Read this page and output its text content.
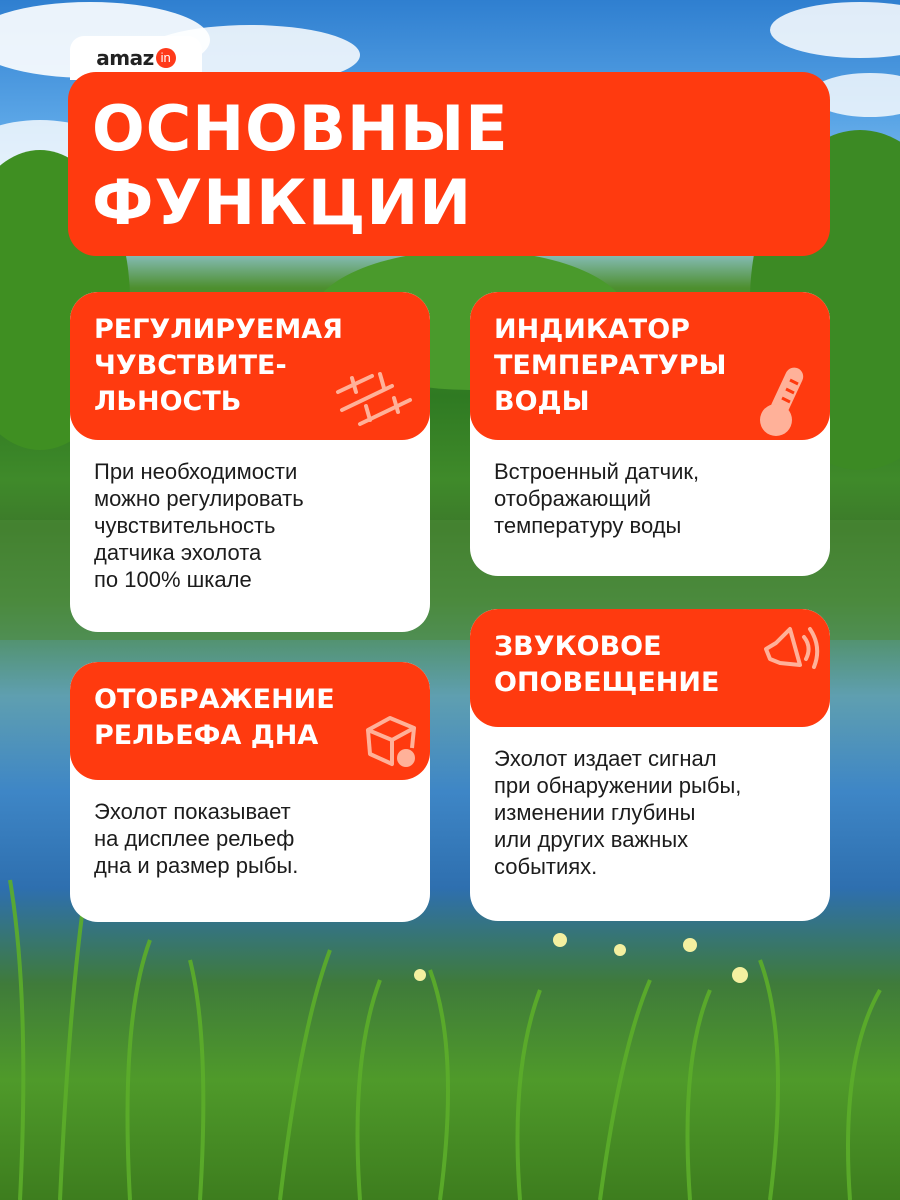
amaz in

ОСНОВНЫЕ

ФУНКЦИИ

РЕГУЛИРУЕМАЯ
ЧУВСТВИТЕ-
ЛЬНОСТЬ
При необходимости
можно регулировать
чувствительность
датчика эхолота
по 100% шкале
ИНДИКАТОР
ТЕМПЕРАТУРЫ
ВОДЫ
Встроенный датчик,
отображающий
температуру воды
ОТОБРАЖЕНИЕ
РЕЛЬЕФА ДНА
Эхолот показывает
на дисплее рельеф
дна и размер рыбы.
ЗВУКОВОЕ
ОПОВЕЩЕНИЕ
Эхолот издает сигнал
при обнаружении рыбы,
изменении глубины
или других важных
событиях.
